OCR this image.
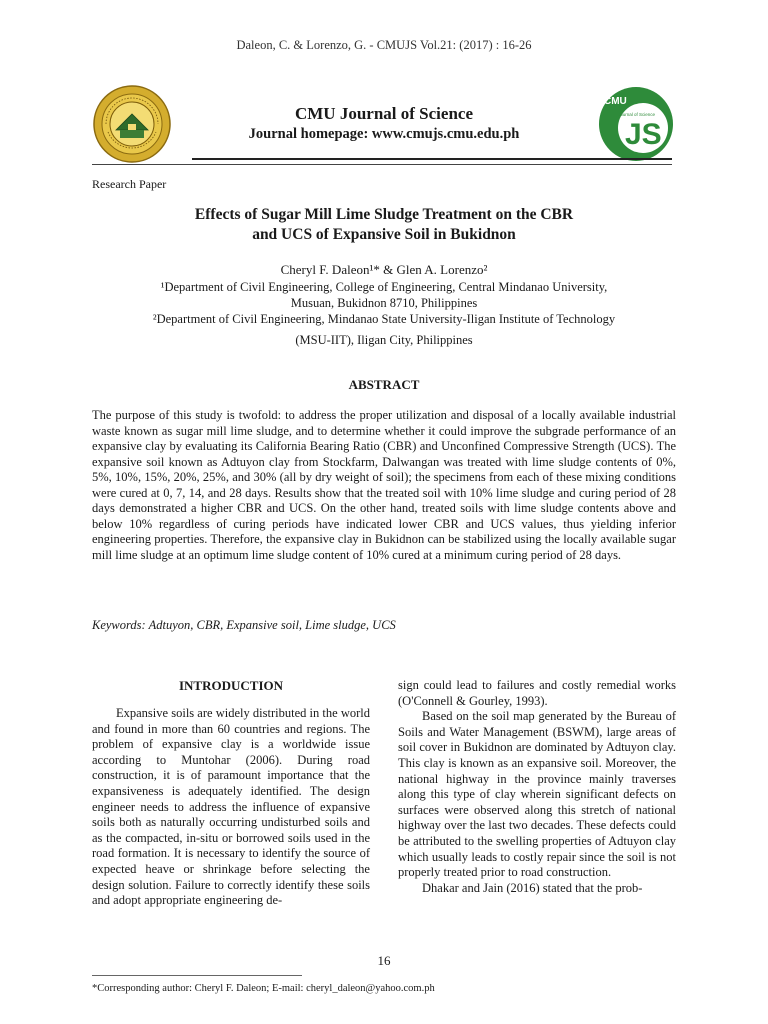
Daleon, C. & Lorenzo, G. - CMUJS Vol.21: (2017) : 16-26
CMU Journal of Science
Journal homepage: www.cmujs.cmu.edu.ph
CMU
Journal of Science
JS
Research Paper
Effects of Sugar Mill Lime Sludge Treatment on the CBR
and UCS of Expansive Soil in Bukidnon
Cheryl F. Daleon¹* & Glen A. Lorenzo²
¹Department of Civil Engineering, College of Engineering, Central Mindanao University,
Musuan, Bukidnon 8710, Philippines
²Department of Civil Engineering, Mindanao State University-Iligan Institute of Technology
(MSU-IIT), Iligan City, Philippines
ABSTRACT
The purpose of this study is twofold: to address the proper utilization and disposal of a locally available industrial waste known as sugar mill lime sludge, and to determine whether it could improve the subgrade performance of an expansive clay by evaluating its California Bearing Ratio (CBR) and Unconfined Compressive Strength (UCS). The expansive soil known as Adtuyon clay from Stockfarm, Dalwangan was treated with lime sludge contents of 0%, 5%, 10%, 15%, 20%, 25%, and 30% (all by dry weight of soil); the specimens from each of these mixing conditions were cured at 0, 7, 14, and 28 days. Results show that the treated soil with 10% lime sludge and curing period of 28 days demonstrated a higher CBR and UCS. On the other hand, treated soils with lime sludge contents above and below 10% regardless of curing periods have indicated lower CBR and UCS values, thus yielding inferior engineering properties. Therefore, the expansive clay in Bukidnon can be stabilized using the locally available sugar mill lime sludge at an optimum lime sludge content of 10% cured at a minimum curing period of 28 days.
Keywords: Adtuyon, CBR, Expansive soil, Lime sludge, UCS
INTRODUCTION

Expansive soils are widely distributed in the world and found in more than 60 countries and regions. The problem of expansive clay is a worldwide issue according to Muntohar (2006). During road construction, it is of paramount importance that the expansiveness is adequately identified. The design engineer needs to address the influence of expansive soils both as naturally occurring undisturbed soils and as the compacted, in-situ or borrowed soils used in the road formation. It is necessary to identify the source of expected heave or shrinkage before selecting the design solution. Failure to correctly identify these soils and adopt appropriate engineering de-

sign could lead to failures and costly remedial works (O'Connell & Gourley, 1993).

Based on the soil map generated by the Bureau of Soils and Water Management (BSWM), large areas of soil cover in Bukidnon are dominated by Adtuyon clay. This clay is known as an expansive soil. Moreover, the national highway in the province mainly traverses along this type of clay wherein significant defects on surfaces were observed along this stretch of national highway over the last two decades. These defects could be attributed to the swelling properties of Adtuyon clay which usually leads to costly repair since the soil is not properly treated prior to road construction.

Dhakar and Jain (2016) stated that the prob-

16
*Corresponding author: Cheryl F. Daleon; E-mail: cheryl_daleon@yahoo.com.ph
